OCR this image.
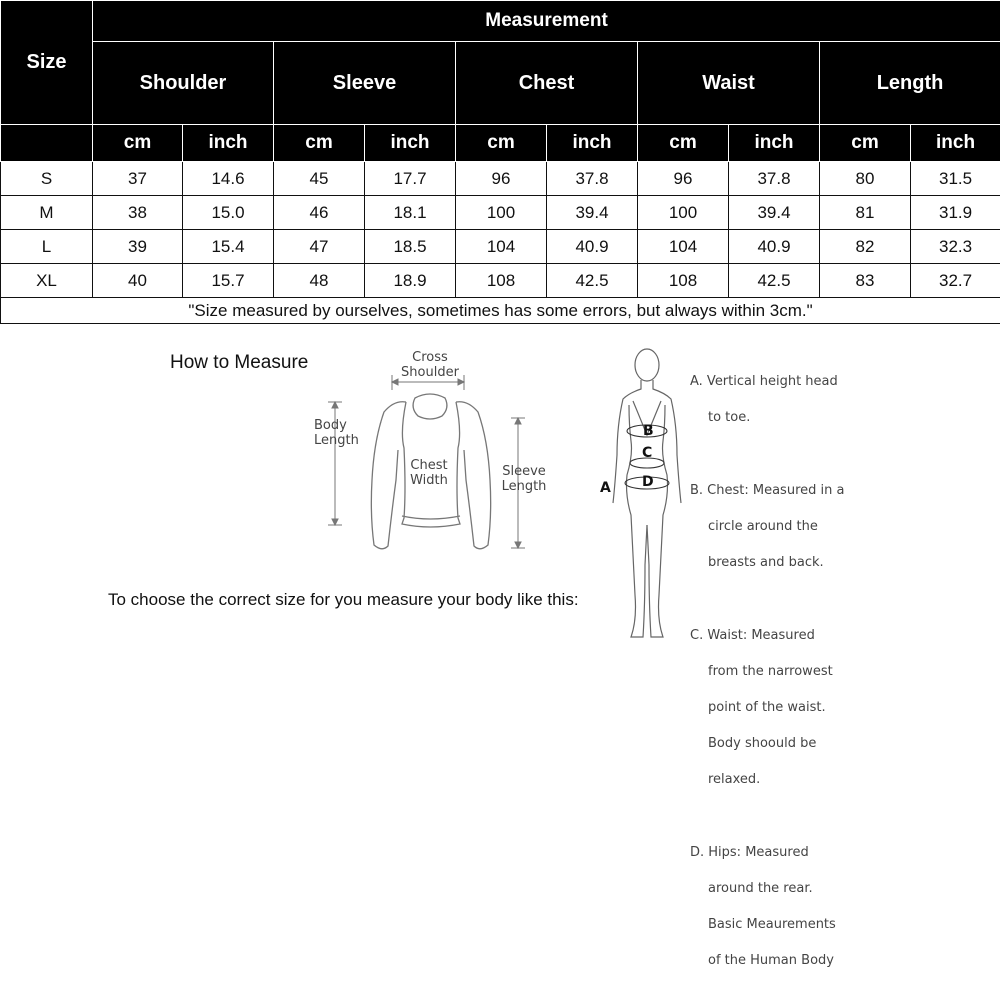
Size	Measurement									
	Shoulder		Sleeve		Chest		Waist		Length	
	cm	inch	cm	inch	cm	inch	cm	inch	cm	inch
S	37	14.6	45	17.7	96	37.8	96	37.8	80	31.5
M	38	15.0	46	18.1	100	39.4	100	39.4	81	31.9
L	39	15.4	47	18.5	104	40.9	104	40.9	82	32.3
XL	40	15.7	48	18.9	108	42.5	108	42.5	83	32.7
"Size measured by ourselves, sometimes has some errors, but always within 3cm."										
How to Measure	Cross
Shoulder
Body
Length
Chest
Width
Sleeve
Length
B
C
D
A

A. Vertical height head

to toe.

B. Chest: Measured in a

circle around the

breasts and back.

C. Waist: Measured

from the narrowest

point of the waist.

Body shoould be

relaxed.

D. Hips: Measured

around the rear.

Basic Meaurements

of the Human Body

To choose the correct size for you measure your body like this:
